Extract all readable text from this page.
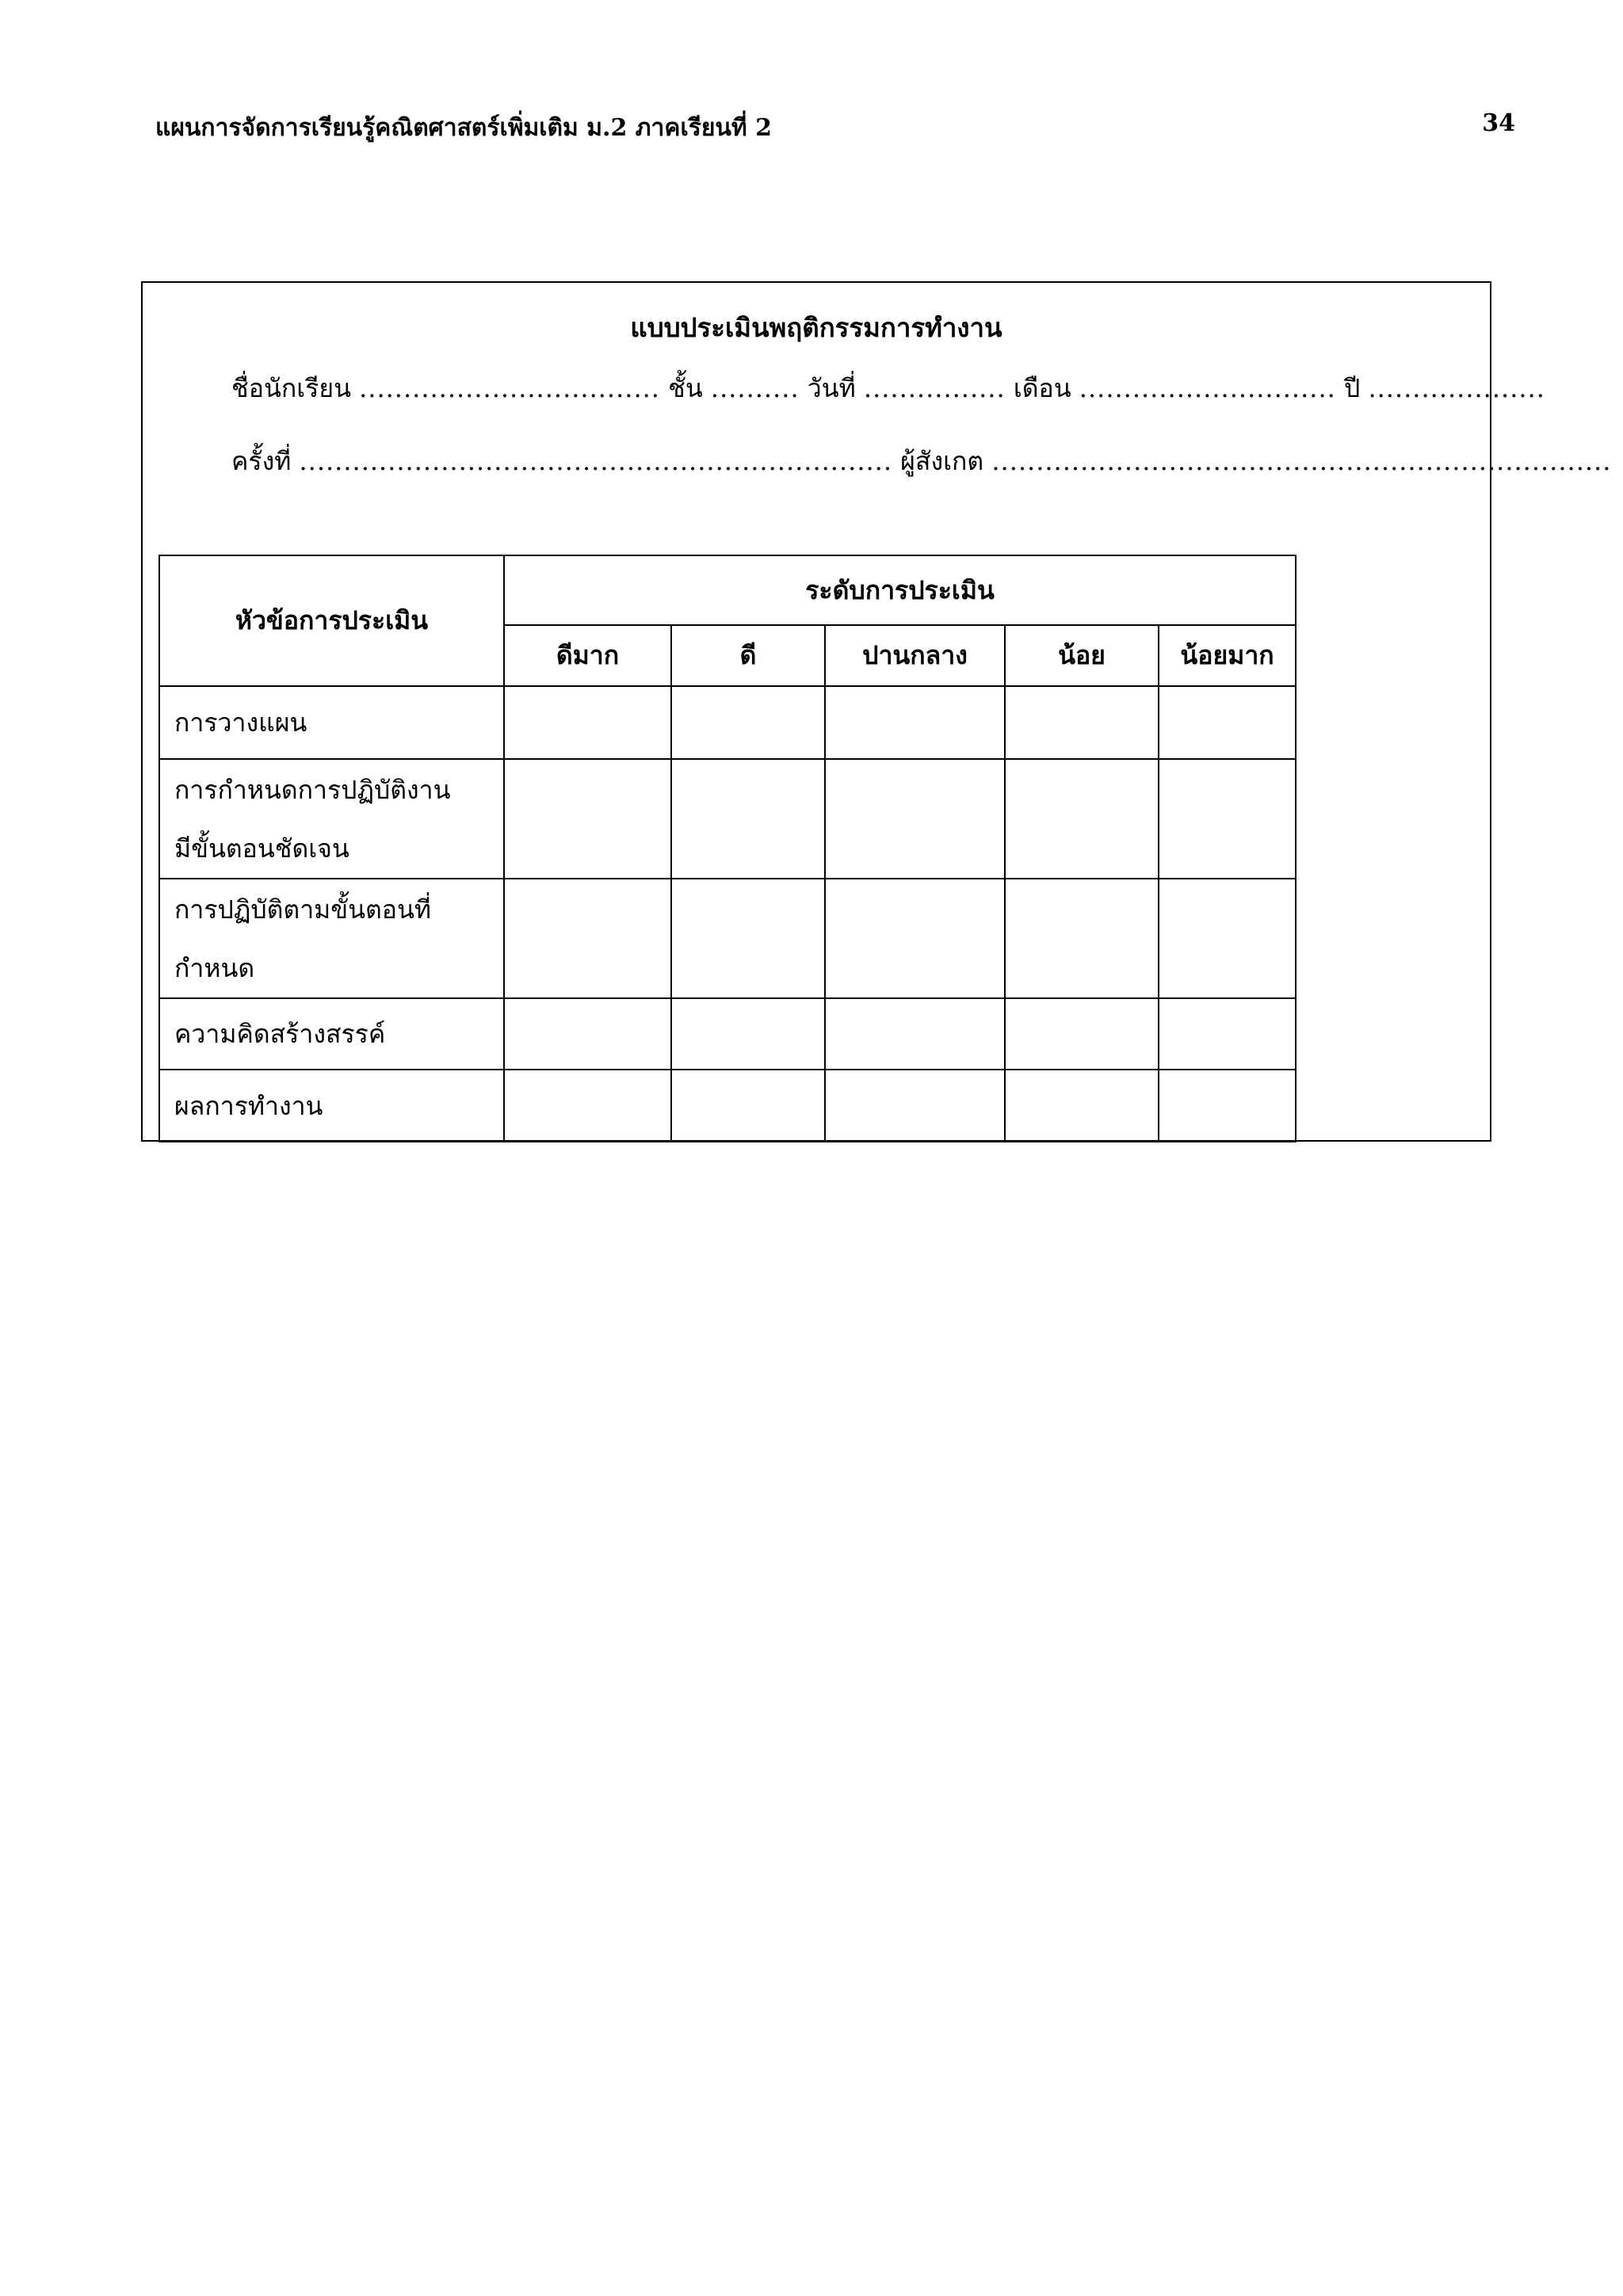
แผนการจัดการเรียนรู้คณิตศาสตร์เพิ่มเติม ม.2 ภาคเรียนที่ 2	34
แบบประเมินพฤติกรรมการทำงาน
ชื่อนักเรียน .................................. ชั้น .......... วันที่ ................ เดือน ............................. ปี ....................
ครั้งที่ ................................................................... ผู้สังเกต ......................................................................
หัวข้อการประเมิน	ระดับการประเมิน				
	ดีมาก	ดี	ปานกลาง	น้อย	น้อยมาก

การวางแผน					

การกำหนดการปฏิบัติงาน
มีขั้นตอนชัดเจน					

การปฏิบัติตามขั้นตอนที่
กำหนด					

ความคิดสร้างสรรค์					

ผลการทำงาน					
